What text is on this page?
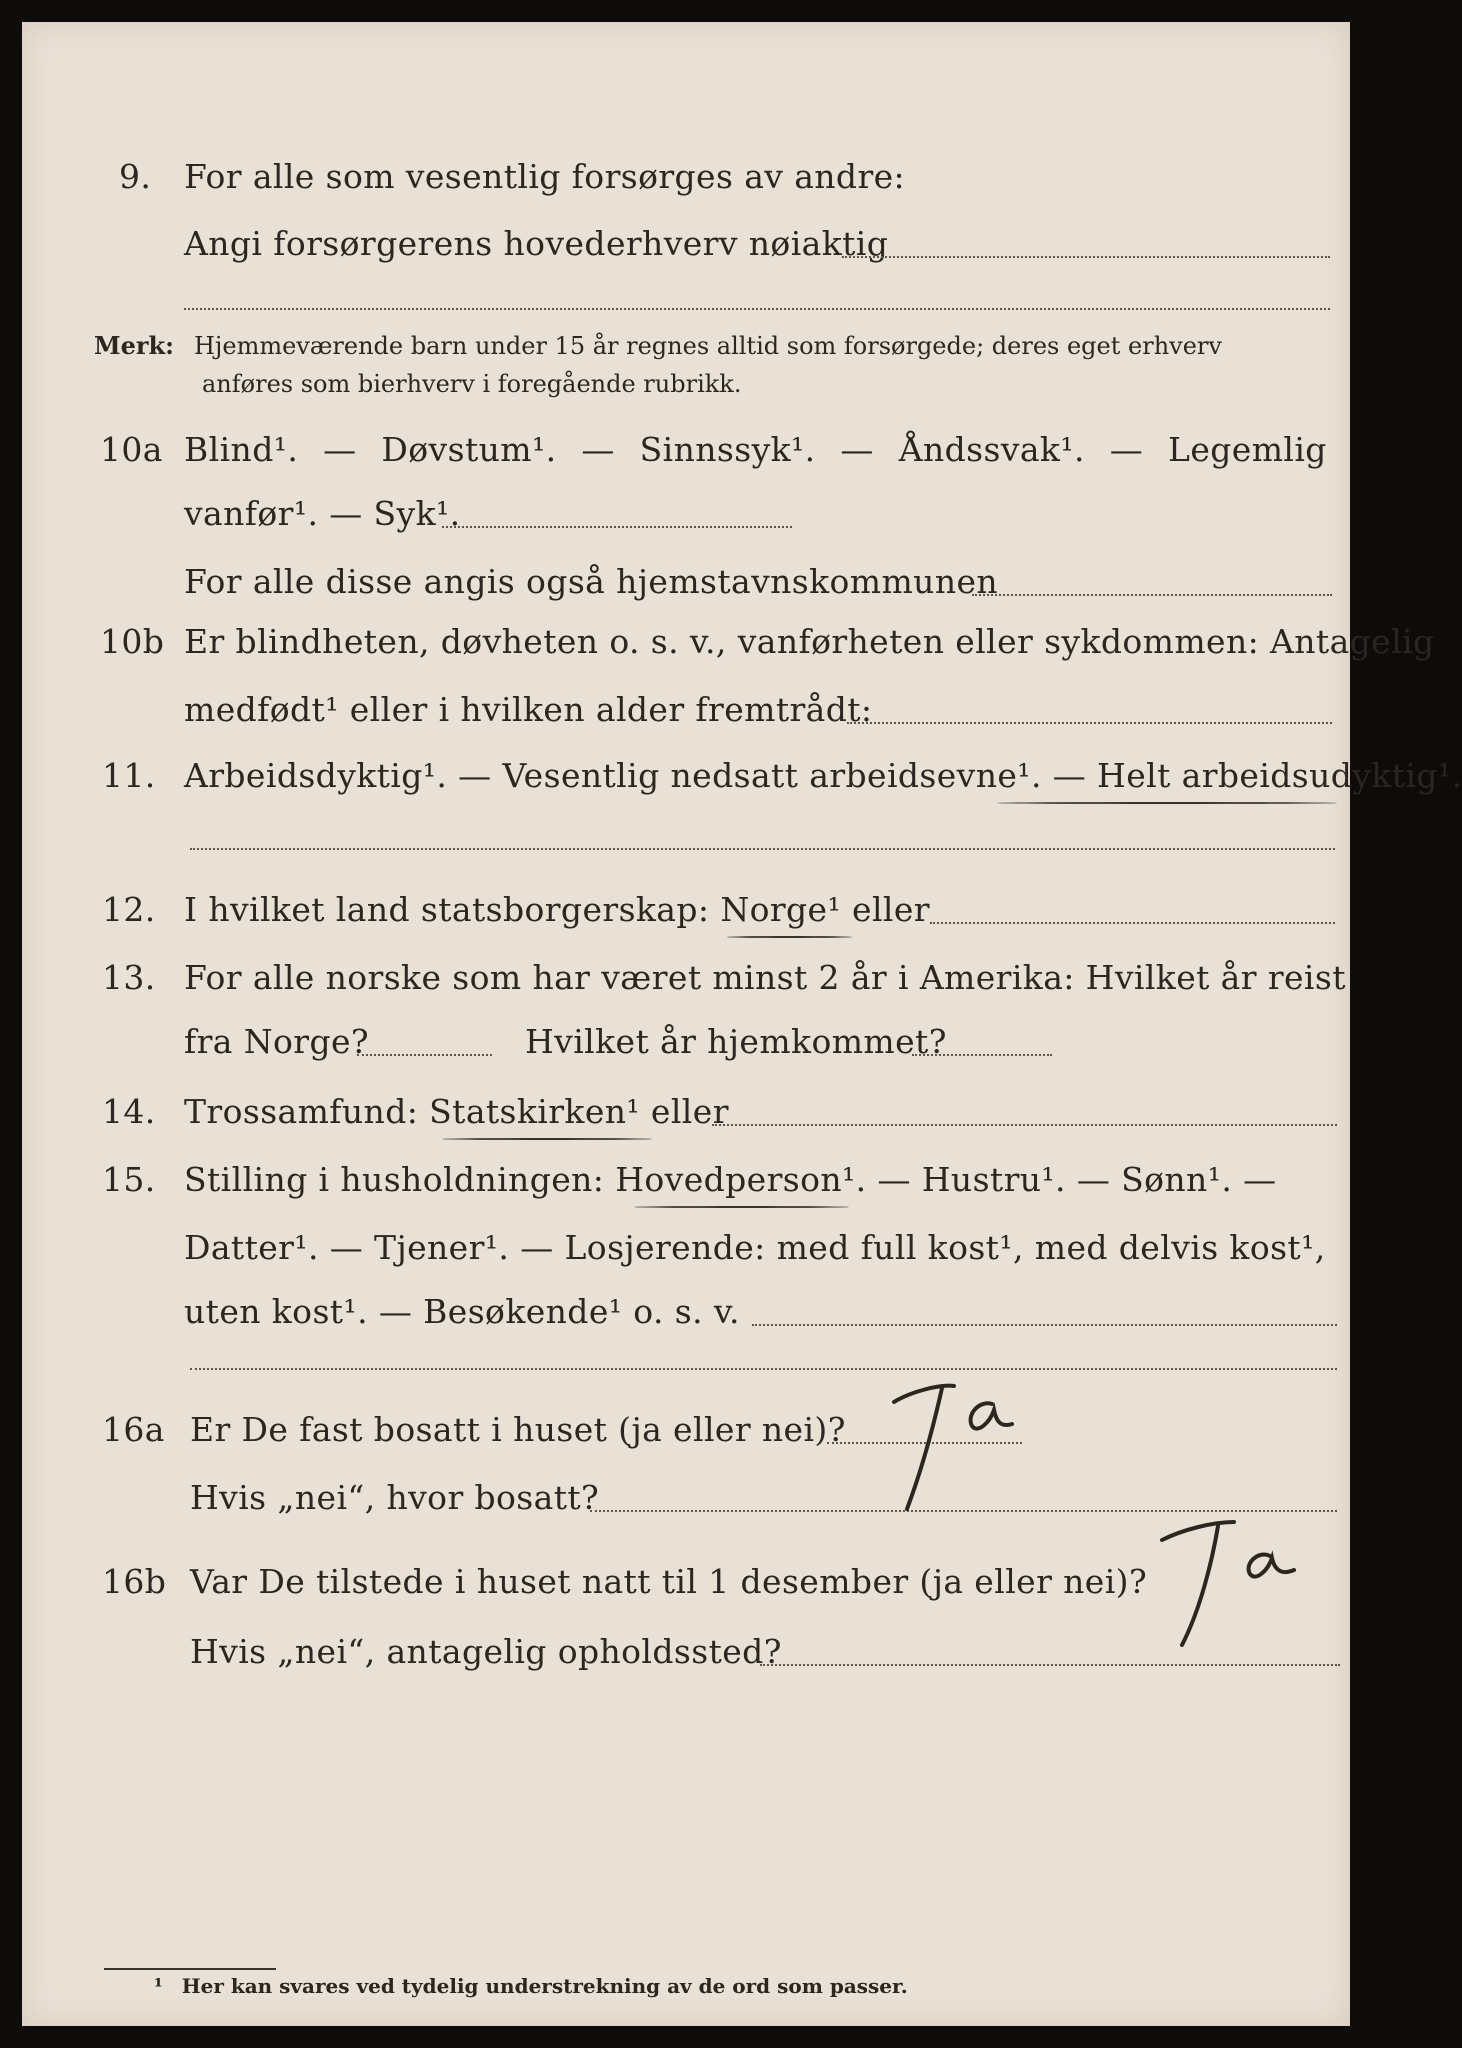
9. For alle som vesentlig forsørges av andre:
Angi forsørgerens hovederhverv nøiaktig
Merk: Hjemmeværende barn under 15 år regnes alltid som forsørgede; deres eget erhverv
anføres som bierhverv i foregående rubrikk.
10a Blind¹. — Døvstum¹. — Sinnssyk¹. — Åndssvak¹. — Legemlig
vanfør¹. — Syk¹.
For alle disse angis også hjemstavnskommunen
10b Er blindheten, døvheten o. s. v., vanførheten eller sykdommen: Antagelig
medfødt¹ eller i hvilken alder fremtrådt:
11. Arbeidsdyktig¹. — Vesentlig nedsatt arbeidsevne¹. — Helt arbeidsudyktig¹.
12. I hvilket land statsborgerskap: Norge¹ eller
13. For alle norske som har været minst 2 år i Amerika: Hvilket år reist
fra Norge?	Hvilket år hjemkommet?
14. Trossamfund: Statskirken¹ eller
15. Stilling i husholdningen: Hovedperson¹. — Hustru¹. — Sønn¹. —
Datter¹. — Tjener¹. — Losjerende: med full kost¹, med delvis kost¹,
uten kost¹. — Besøkende¹ o. s. v.
16a Er De fast bosatt i huset (ja eller nei)?
Hvis „nei“, hvor bosatt?
Ja
16b Var De tilstede i huset natt til 1 desember (ja eller nei)?
Hvis „nei“, antagelig opholdssted?
Ja
¹ Her kan svares ved tydelig understrekning av de ord som passer.
